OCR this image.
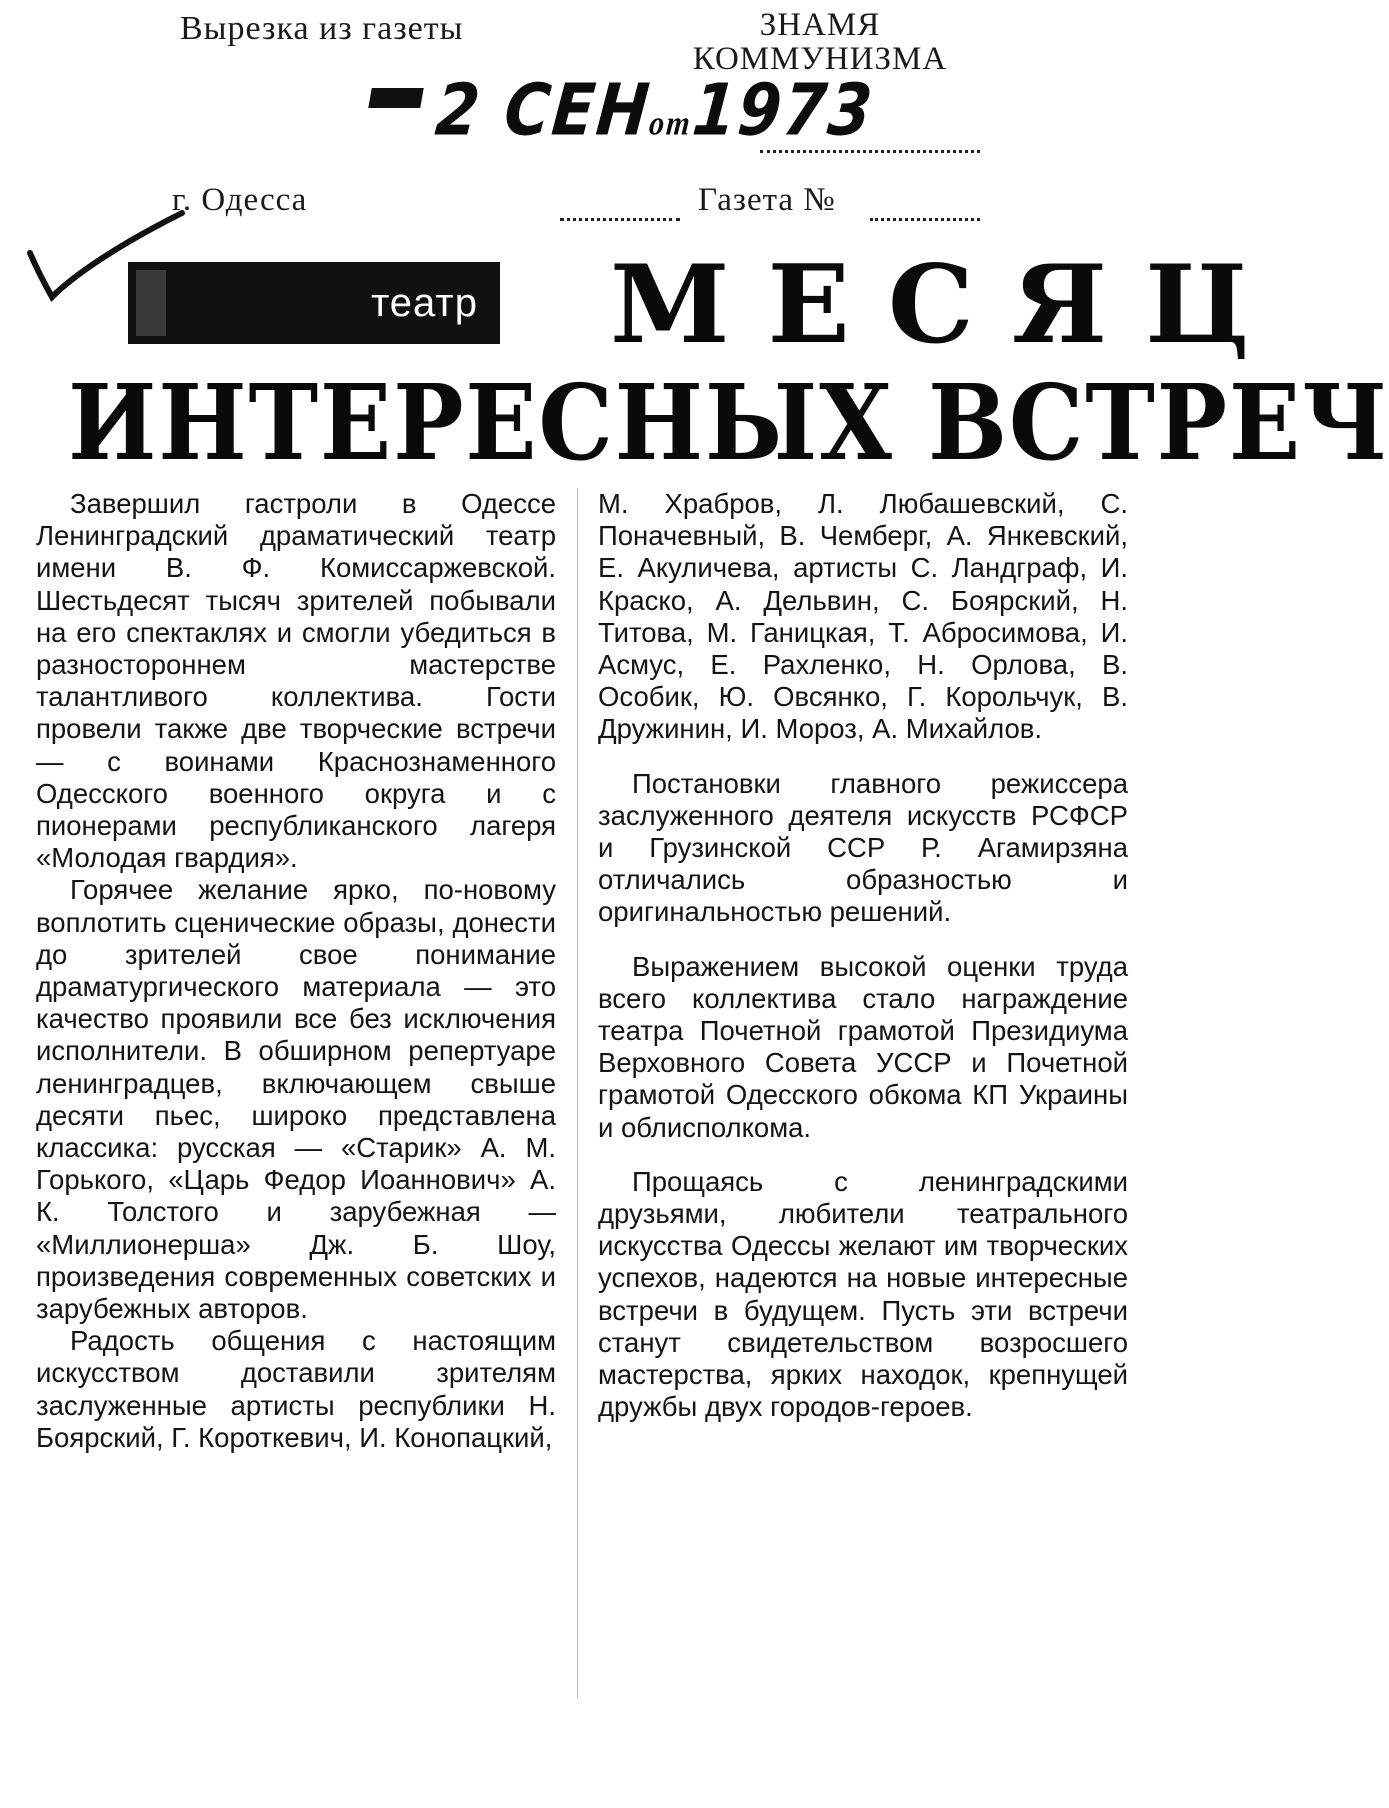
Вырезка из газеты	ЗНАМЯ
КОММУНИЗМА
2 СЕНот1973
г. Одесса	Газета №
театр МЕСЯЦ
ИНТЕРЕСНЫХ ВСТРЕЧ

Завершил гастроли в Одессе Ленинградский драматический театр имени В. Ф. Комиссаржевской. Шестьдесят тысяч зрителей побывали на его спектаклях и смогли убедиться в разностороннем мастерстве талантливого коллектива. Гости провели также две творческие встречи — с воинами Краснознаменного Одесского военного округа и с пионерами республиканского лагеря «Молодая гвардия».

Горячее желание ярко, по-новому воплотить сценические образы, донести до зрителей свое понимание драматургического материала — это качество проявили все без исключения исполнители. В обширном репертуаре ленинградцев, включающем свыше десяти пьес, широко представлена классика: русская — «Старик» А. М. Горького, «Царь Федор Иоаннович» А. К. Толстого и зарубежная — «Миллионерша» Дж. Б. Шоу, произведения современных советских и зарубежных авторов.

Радость общения с настоящим искусством доставили зрителям заслуженные артисты республики Н. Боярский, Г. Короткевич, И. Конопацкий,

М. Храбров, Л. Любашевский, С. Поначевный, В. Чемберг, А. Янкевский, Е. Акуличева, артисты С. Ландграф, И. Краско, А. Дельвин, С. Боярский, Н. Титова, М. Ганицкая, Т. Абросимова, И. Асмус, Е. Рахленко, Н. Орлова, В. Особик, Ю. Овсянко, Г. Корольчук, В. Дружинин, И. Мороз, А. Михайлов.

Постановки главного режиссера заслуженного деятеля искусств РСФСР и Грузинской ССР Р. Агамирзяна отличались образностью и оригинальностью решений.

Выражением высокой оценки труда всего коллектива стало награждение театра Почетной грамотой Президиума Верховного Совета УССР и Почетной грамотой Одесского обкома КП Украины и облисполкома.

Прощаясь с ленинградскими друзьями, любители театрального искусства Одессы желают им творческих успехов, надеются на новые интересные встречи в будущем. Пусть эти встречи станут свидетельством возросшего мастерства, ярких находок, крепнущей дружбы двух городов-героев.
